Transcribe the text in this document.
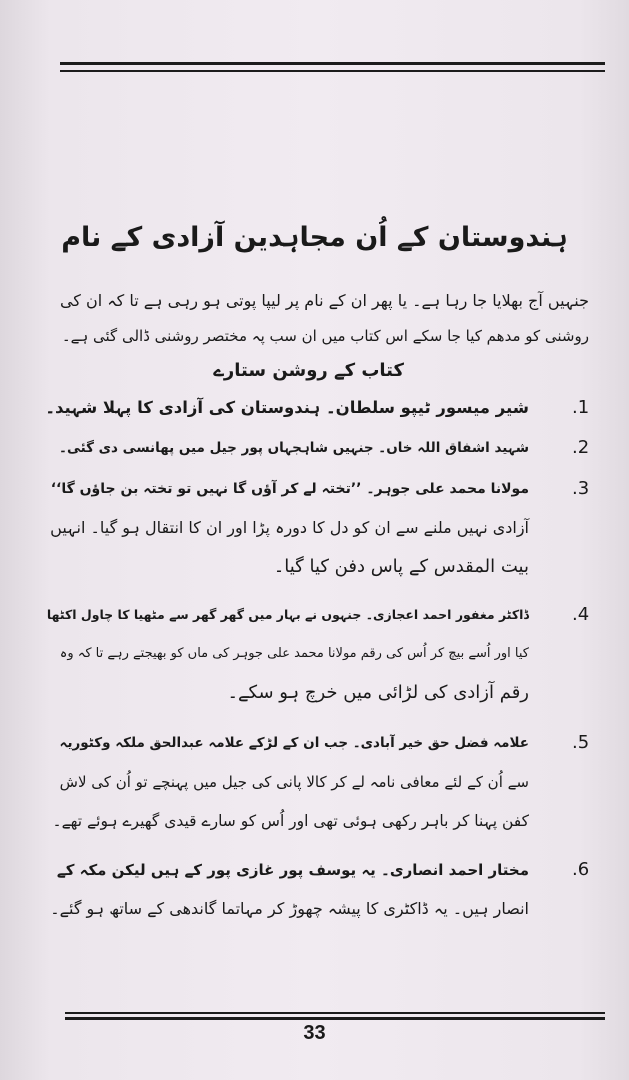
ہندوستان کے اُن مجاہدین آزادی کے نام
جنہیں آج بھلایا جا رہا ہے۔ یا پھر ان کے نام پر لیپا پوتی ہو رہی ہے تا کہ ان کی
روشنی کو مدھم کیا جا سکے اس کتاب میں ان سب پہ مختصر روشنی ڈالی گئی ہے۔
کتاب کے روشن ستارے
1.
شیر میسور ٹیپو سلطان۔ ہندوستان کی آزادی کا پہلا شہید۔
2.
شہید اشفاق اللہ خاں۔ جنہیں شاہجہاں پور جیل میں پھانسی دی گئی۔
3.
مولانا محمد علی جوہر۔ ’’تختہ لے کر آؤں گا نہیں تو تختہ بن جاؤں گا‘‘
آزادی نہیں ملنے سے ان کو دل کا دورہ پڑا اور ان کا انتقال ہو گیا۔ انہیں
بیت المقدس کے پاس دفن کیا گیا۔
4.
ڈاکٹر مغفور احمد اعجازی۔ جنہوں نے بہار میں گھر گھر سے مٹھیا کا چاول اکٹھا
کیا اور اُسے بیچ کر اُس کی رقم مولانا محمد علی جوہر کی ماں کو بھیجتے رہے تا کہ وہ
رقم آزادی کی لڑائی میں خرچ ہو سکے۔
5.
علامہ فضل حق خیر آبادی۔ جب ان کے لڑکے علامہ عبدالحق ملکہ وکٹوریہ
سے اُن کے لئے معافی نامہ لے کر کالا پانی کی جیل میں پہنچے تو اُن کی لاش
کفن پہنا کر باہر رکھی ہوئی تھی اور اُس کو سارے قیدی گھیرے ہوئے تھے۔
6.
مختار احمد انصاری۔ یہ یوسف پور غازی پور کے ہیں لیکن مکہ کے
انصار ہیں۔ یہ ڈاکٹری کا پیشہ چھوڑ کر مہاتما گاندھی کے ساتھ ہو گئے۔
33
